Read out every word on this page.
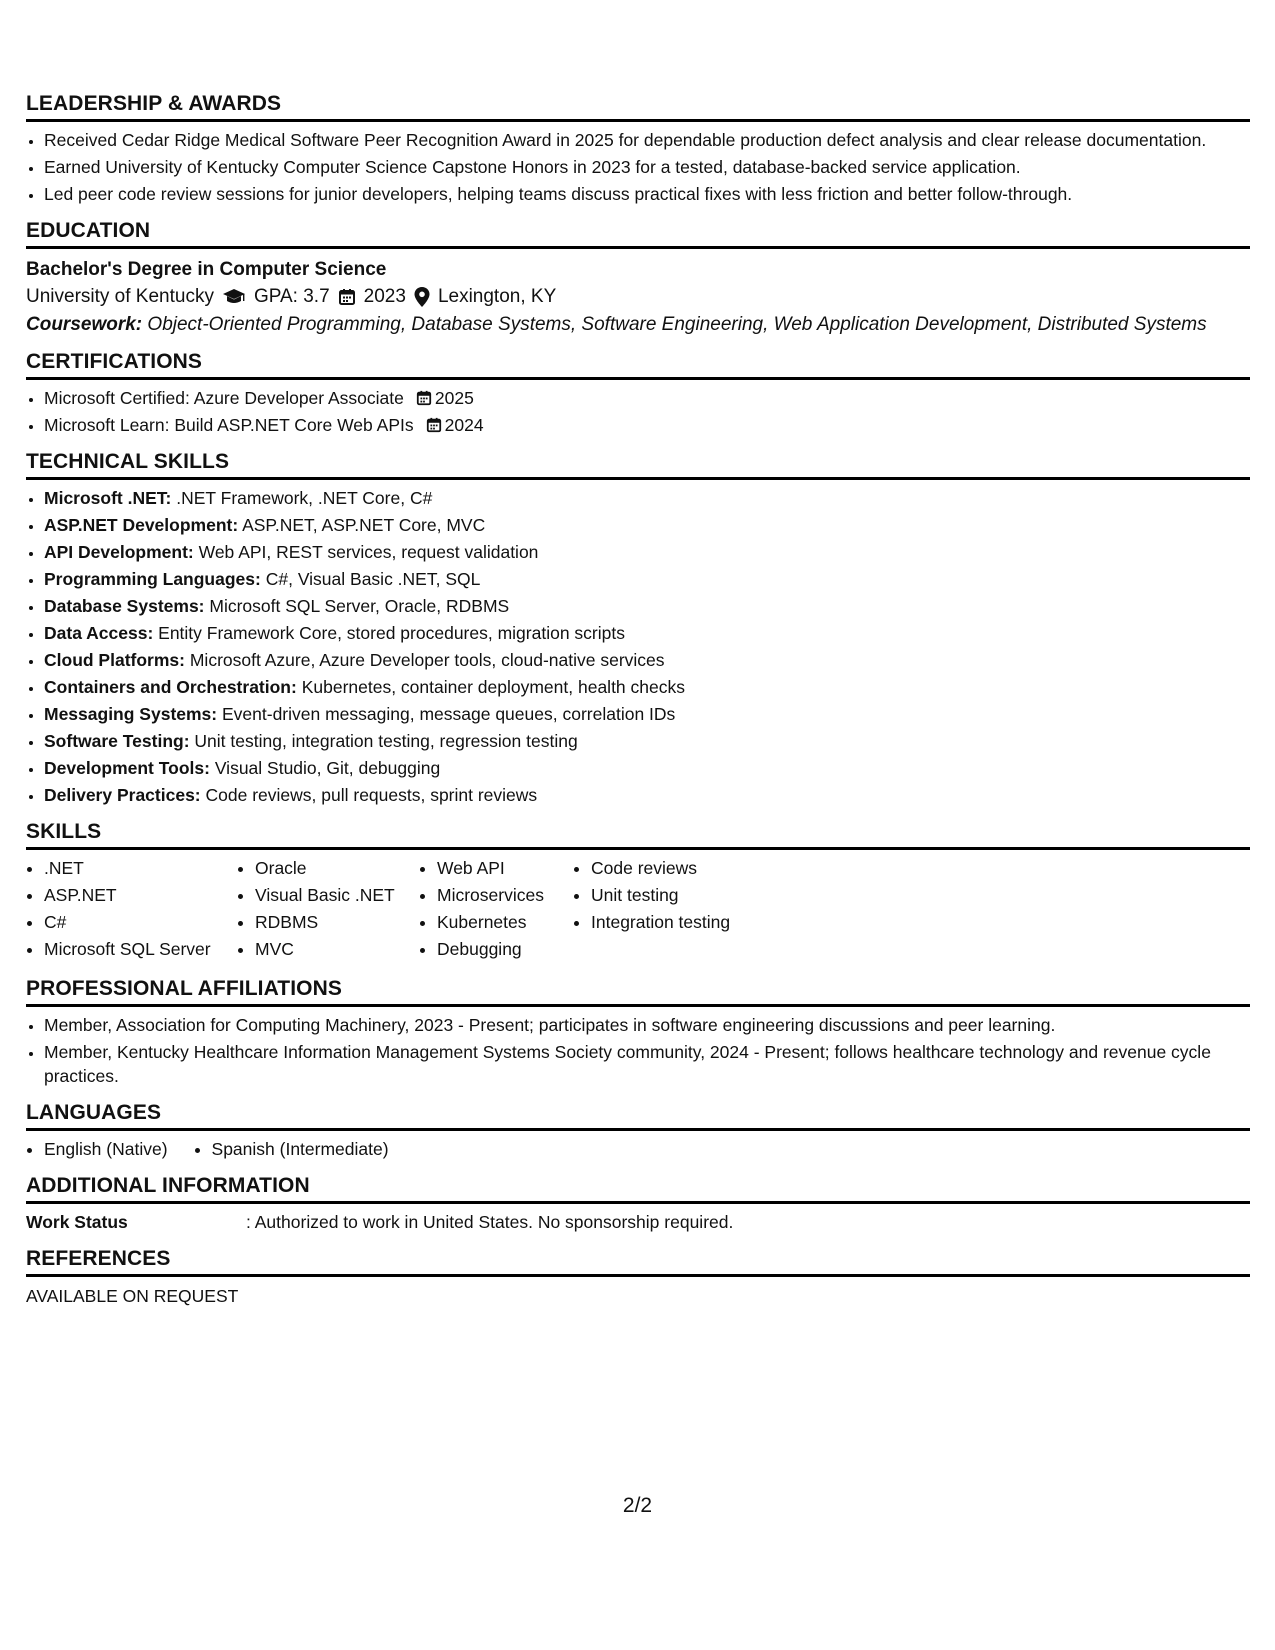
LEADERSHIP & AWARDS
• Received Cedar Ridge Medical Software Peer Recognition Award in 2025 for dependable production defect analysis and clear release documentation.
• Earned University of Kentucky Computer Science Capstone Honors in 2023 for a tested, database-backed service application.
• Led peer code review sessions for junior developers, helping teams discuss practical fixes with less friction and better follow-through.
EDUCATION
Bachelor's Degree in Computer Science
University of Kentucky GPA: 3.7 2023 Lexington, KY
Coursework: Object-Oriented Programming, Database Systems, Software Engineering, Web Application Development, Distributed Systems
CERTIFICATIONS
• Microsoft Certified: Azure Developer Associate 2025
• Microsoft Learn: Build ASP.NET Core Web APIs 2024
TECHNICAL SKILLS
• Microsoft .NET: .NET Framework, .NET Core, C#
• ASP.NET Development: ASP.NET, ASP.NET Core, MVC
• API Development: Web API, REST services, request validation
• Programming Languages: C#, Visual Basic .NET, SQL
• Database Systems: Microsoft SQL Server, Oracle, RDBMS
• Data Access: Entity Framework Core, stored procedures, migration scripts
• Cloud Platforms: Microsoft Azure, Azure Developer tools, cloud-native services
• Containers and Orchestration: Kubernetes, container deployment, health checks
• Messaging Systems: Event-driven messaging, message queues, correlation IDs
• Software Testing: Unit testing, integration testing, regression testing
• Development Tools: Visual Studio, Git, debugging
• Delivery Practices: Code reviews, pull requests, sprint reviews
SKILLS
• .NET
• ASP.NET
• C#
• Microsoft SQL Server
• Oracle
• Visual Basic .NET
• RDBMS
• MVC
• Web API
• Microservices
• Kubernetes
• Debugging
• Code reviews
• Unit testing
• Integration testing
PROFESSIONAL AFFILIATIONS
• Member, Association for Computing Machinery, 2023 - Present; participates in software engineering discussions and peer learning.
• Member, Kentucky Healthcare Information Management Systems Society community, 2024 - Present; follows healthcare technology and revenue cycle practices.
LANGUAGES
• English (Native)
•	Spanish (Intermediate)
ADDITIONAL INFORMATION
Work Status	: Authorized to work in United States. No sponsorship required.
REFERENCES
AVAILABLE ON REQUEST
2/2
